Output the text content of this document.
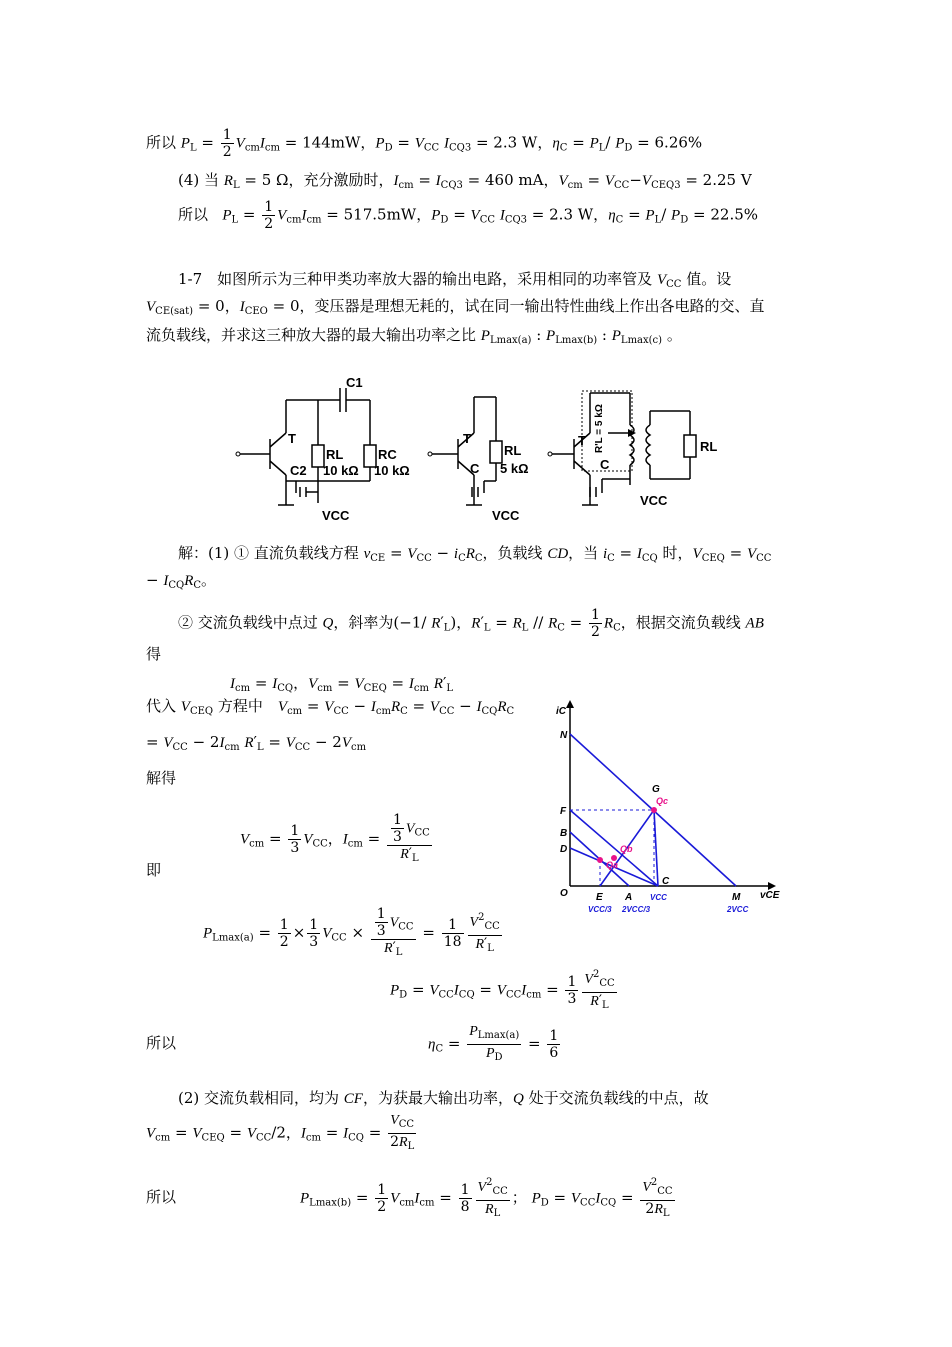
所以 $P_L = \frac{1}{2} V_{cm}I_{cm} = 144mW$，$P_D = V_{CC}$ $I_{CQ3} = 2.3$ W，$\eta_C = P_L/$ $P_D = 6.26\%$
(4) 当 $R_L = 5$ Ω，充分激励时，$I_{cm} = I_{CQ3} = 460$ mA，$V_{cm} = V_{CC}-V_{CEQ3} = 2.25$ V
所以 $P_L = \frac{1}{2} V_{cm}I_{cm} = 517.5mW$，$P_D = V_{CC}$ $I_{CQ3} = 2.3$ W，$\eta_C = P_L/$ $P_D = 22.5\%$
1-7　如图所示为三种甲类功率放大器的输出电路，采用相同的功率管及 $V_{CC}$ 值。设
$V_{CE(sat)} = 0$，$I_{CEO} = 0$，变压器是理想无耗的，试在同一输出特性曲线上作出各电路的交、直
流负载线，并求这三种放大器的最大输出功率之比 $P_{Lmax(a)}$ : $P_{Lmax(b)}$ : $P_{Lmax(c)}$ 。
C1
T
RL	RC
C2 10 kΩ 10 kΩ
VCC
T
RL
C 5 kΩ
VCC
T	RL
C
VCC
R'L = 5 kΩ
解：(1) ① 直流负载线方程 $v_{CE} = V_{CC} - i_CR_C$，负载线 CD，当 $i_C = I_{CQ}$ 时，$V_{CEQ} = V_{CC}$
− $I_{CQ}R_C$。
② 交流负载线中点过 Q，斜率为(−1/ $R'_L$)，$R'_L = R_L // R_C = \frac{1}{2} R_C$，根据交流负载线 AB
得
$I_{cm} = I_{CQ}$，$V_{cm} = V_{CEQ} = I_{cm}$ $R'_L$
代入 $V_{CEQ}$ 方程中　$V_{cm} = V_{CC} - I_{cm}R_C = V_{CC} - I_{CQ}R_C$
= $V_{CC} - 2I_{cm}$ $R'_L = V_{CC} - 2V_{cm}$
解得
$V_{cm} = \frac{1}{3} V_{CC}$，$I_{cm} = \frac{\frac{1}{3} V_{CC}}{R'_L}$
即
$P_{Lmax(a)} = \frac{1}{2} \times \frac{1}{3} V_{CC} \times \frac{\frac{1}{3} V_{CC}}{R'_L} = \frac{1}{18} \frac{V^2_{CC}}{R'_L}$
$P_D = V_{CC}I_{CQ} = V_{CC}I_{cm} = \frac{1}{3} \frac{V^2_{CC}}{R'_L}$
所以	$\eta_C = \frac{P_{Lmax(a)}}{P_D} = \frac{1}{6}$
(2) 交流负载相同，均为 CF，为获最大输出功率，Q 处于交流负载线的中点，故
$V_{cm} = V_{CEQ} = V_{CC}/2$，$I_{cm} = I_{CQ} = \frac{V_{CC}}{2R_L}$
所以	$P_{Lmax(b)} = \frac{1}{2} V_{cm}I_{cm} = \frac{1}{8} \frac{V^2_{CC}}{R_L}$ ； $P_D = V_{CC}I_{CQ} = \frac{V^2_{CC}}{2R_L}$
iC
vCE
O
N
F
B
D
G
C
E A	M
Qc
Qb
Qa
VCC/3 2VCC/3
VCC
2VCC
